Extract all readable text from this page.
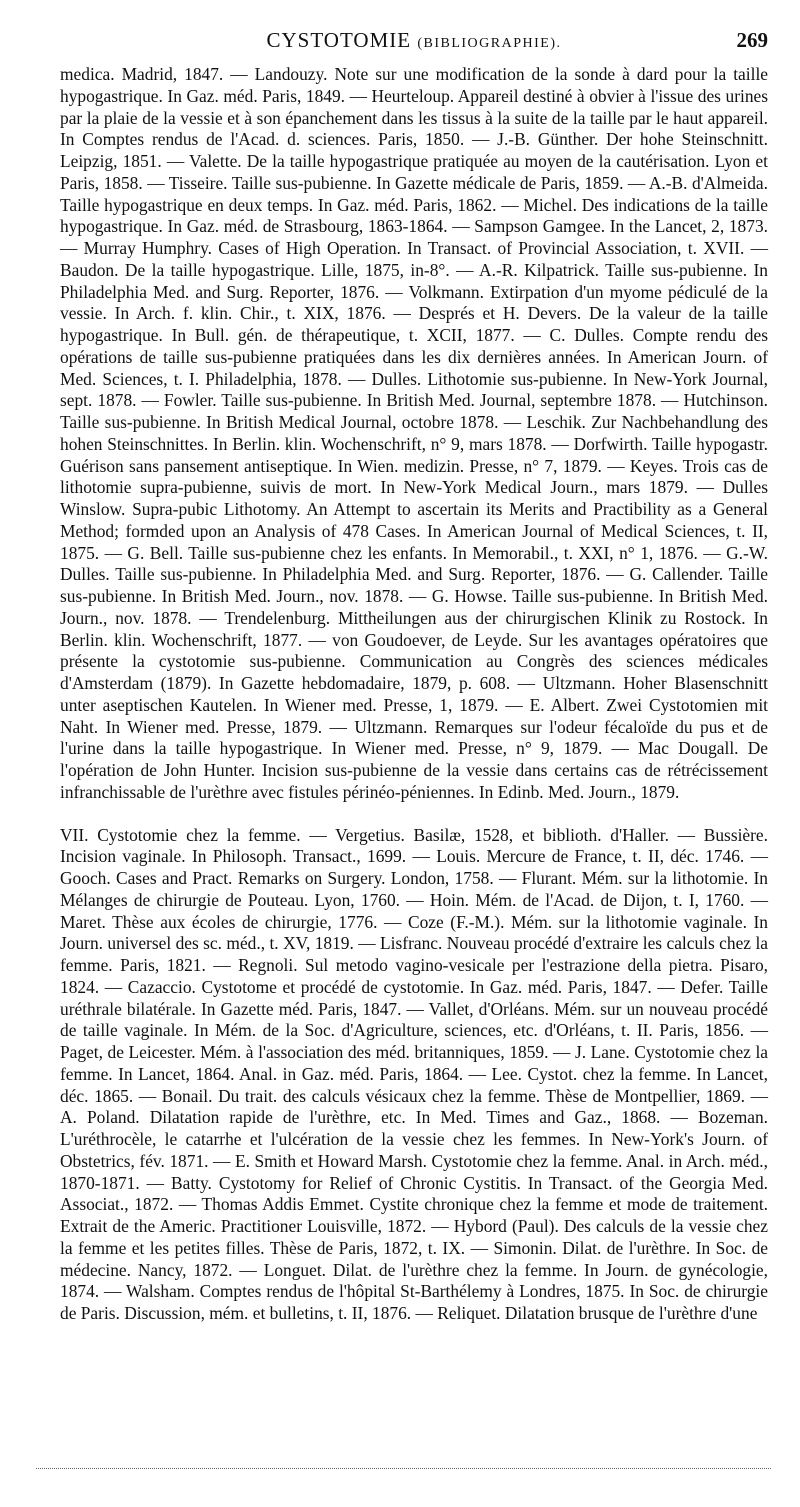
CYSTOTOMIE (BIBLIOGRAPHIE).	269

medica. Madrid, 1847. — Landouzy. Note sur une modification de la sonde à dard pour la taille hypogastrique. In Gaz. méd. Paris, 1849. — Heurteloup. Appareil destiné à obvier à l'issue des urines par la plaie de la vessie et à son épanchement dans les tissus à la suite de la taille par le haut appareil. In Comptes rendus de l'Acad. d. sciences. Paris, 1850. — J.-B. Günther. Der hohe Steinschnitt. Leipzig, 1851. — Valette. De la taille hypogastrique pratiquée au moyen de la cautérisation. Lyon et Paris, 1858. — Tisseire. Taille sus-pubienne. In Gazette médicale de Paris, 1859. — A.-B. d'Almeida. Taille hypogastrique en deux temps. In Gaz. méd. Paris, 1862. — Michel. Des indications de la taille hypogastrique. In Gaz. méd. de Strasbourg, 1863-1864. — Sampson Gamgee. In the Lancet, 2, 1873. — Murray Humphry. Cases of High Operation. In Transact. of Provincial Association, t. XVII. — Baudon. De la taille hypogastrique. Lille, 1875, in-8°. — A.-R. Kilpatrick. Taille sus-pubienne. In Philadelphia Med. and Surg. Reporter, 1876. — Volkmann. Extirpation d'un myome pédiculé de la vessie. In Arch. f. klin. Chir., t. XIX, 1876. — Després et H. Devers. De la valeur de la taille hypogastrique. In Bull. gén. de thérapeutique, t. XCII, 1877. — C. Dulles. Compte rendu des opérations de taille sus-pubienne pratiquées dans les dix dernières années. In American Journ. of Med. Sciences, t. I. Philadelphia, 1878. — Dulles. Lithotomie sus-pubienne. In New-York Journal, sept. 1878. — Fowler. Taille sus-pubienne. In British Med. Journal, septembre 1878. — Hutchinson. Taille sus-pubienne. In British Medical Journal, octobre 1878. — Leschik. Zur Nachbehandlung des hohen Steinschnittes. In Berlin. klin. Wochenschrift, n° 9, mars 1878. — Dorfwirth. Taille hypogastr. Guérison sans pansement antiseptique. In Wien. medizin. Presse, n° 7, 1879. — Keyes. Trois cas de lithotomie supra-pubienne, suivis de mort. In New-York Medical Journ., mars 1879. — Dulles Winslow. Supra-pubic Lithotomy. An Attempt to ascertain its Merits and Practibility as a General Method; formded upon an Analysis of 478 Cases. In American Journal of Medical Sciences, t. II, 1875. — G. Bell. Taille sus-pubienne chez les enfants. In Memorabil., t. XXI, n° 1, 1876. — G.-W. Dulles. Taille sus-pubienne. In Philadelphia Med. and Surg. Reporter, 1876. — G. Callender. Taille sus-pubienne. In British Med. Journ., nov. 1878. — G. Howse. Taille sus-pubienne. In British Med. Journ., nov. 1878. — Trendelenburg. Mittheilungen aus der chirurgischen Klinik zu Rostock. In Berlin. klin. Wochenschrift, 1877. — von Goudoever, de Leyde. Sur les avantages opératoires que présente la cystotomie sus-pubienne. Communication au Congrès des sciences médicales d'Amsterdam (1879). In Gazette hebdomadaire, 1879, p. 608. — Ultzmann. Hoher Blasenschnitt unter aseptischen Kautelen. In Wiener med. Presse, 1, 1879. — E. Albert. Zwei Cystotomien mit Naht. In Wiener med. Presse, 1879. — Ultzmann. Remarques sur l'odeur fécaloïde du pus et de l'urine dans la taille hypogastrique. In Wiener med. Presse, n° 9, 1879. — Mac Dougall. De l'opération de John Hunter. Incision sus-pubienne de la vessie dans certains cas de rétrécissement infranchissable de l'urèthre avec fistules périnéo-péniennes. In Edinb. Med. Journ., 1879.

VII. Cystotomie chez la femme. — Vergetius. Basilæ, 1528, et biblioth. d'Haller. — Bussière. Incision vaginale. In Philosoph. Transact., 1699. — Louis. Mercure de France, t. II, déc. 1746. — Gooch. Cases and Pract. Remarks on Surgery. London, 1758. — Flurant. Mém. sur la lithotomie. In Mélanges de chirurgie de Pouteau. Lyon, 1760. — Hoin. Mém. de l'Acad. de Dijon, t. I, 1760. — Maret. Thèse aux écoles de chirurgie, 1776. — Coze (F.-M.). Mém. sur la lithotomie vaginale. In Journ. universel des sc. méd., t. XV, 1819. — Lisfranc. Nouveau procédé d'extraire les calculs chez la femme. Paris, 1821. — Regnoli. Sul metodo vagino-vesicale per l'estrazione della pietra. Pisaro, 1824. — Cazaccio. Cystotome et procédé de cystotomie. In Gaz. méd. Paris, 1847. — Defer. Taille uréthrale bilatérale. In Gazette méd. Paris, 1847. — Vallet, d'Orléans. Mém. sur un nouveau procédé de taille vaginale. In Mém. de la Soc. d'Agriculture, sciences, etc. d'Orléans, t. II. Paris, 1856. — Paget, de Leicester. Mém. à l'association des méd. britanniques, 1859. — J. Lane. Cystotomie chez la femme. In Lancet, 1864. Anal. in Gaz. méd. Paris, 1864. — Lee. Cystot. chez la femme. In Lancet, déc. 1865. — Bonail. Du trait. des calculs vésicaux chez la femme. Thèse de Montpellier, 1869. — A. Poland. Dilatation rapide de l'urèthre, etc. In Med. Times and Gaz., 1868. — Bozeman. L'uréthrocèle, le catarrhe et l'ulcération de la vessie chez les femmes. In New-York's Journ. of Obstetrics, fév. 1871. — E. Smith et Howard Marsh. Cystotomie chez la femme. Anal. in Arch. méd., 1870-1871. — Batty. Cystotomy for Relief of Chronic Cystitis. In Transact. of the Georgia Med. Associat., 1872. — Thomas Addis Emmet. Cystite chronique chez la femme et mode de traitement. Extrait de the Americ. Practitioner Louisville, 1872. — Hybord (Paul). Des calculs de la vessie chez la femme et les petites filles. Thèse de Paris, 1872, t. IX. — Simonin. Dilat. de l'urèthre. In Soc. de médecine. Nancy, 1872. — Longuet. Dilat. de l'urèthre chez la femme. In Journ. de gynécologie, 1874. — Walsham. Comptes rendus de l'hôpital St-Barthélemy à Londres, 1875. In Soc. de chirurgie de Paris. Discussion, mém. et bulletins, t. II, 1876. — Reliquet. Dilatation brusque de l'urèthre d'une
